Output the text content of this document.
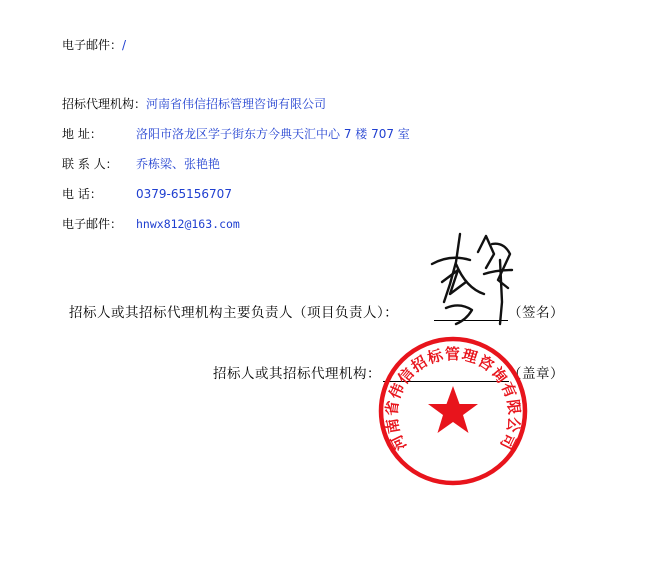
电子邮件：/
招标代理机构：河南省伟信招标管理咨询有限公司
地 址：	洛阳市洛龙区学子街东方今典天汇中心 7 楼 707 室
联 系 人： 乔栋梁、张艳艳
电 话：	0379-65156707
电子邮件： hnwx812@163.com
招标人或其招标代理机构主要负责人（项目负责人）：	（签名）
招标人或其招标代理机构：	（盖章）
河南省伟信招标管理咨询有限公司
